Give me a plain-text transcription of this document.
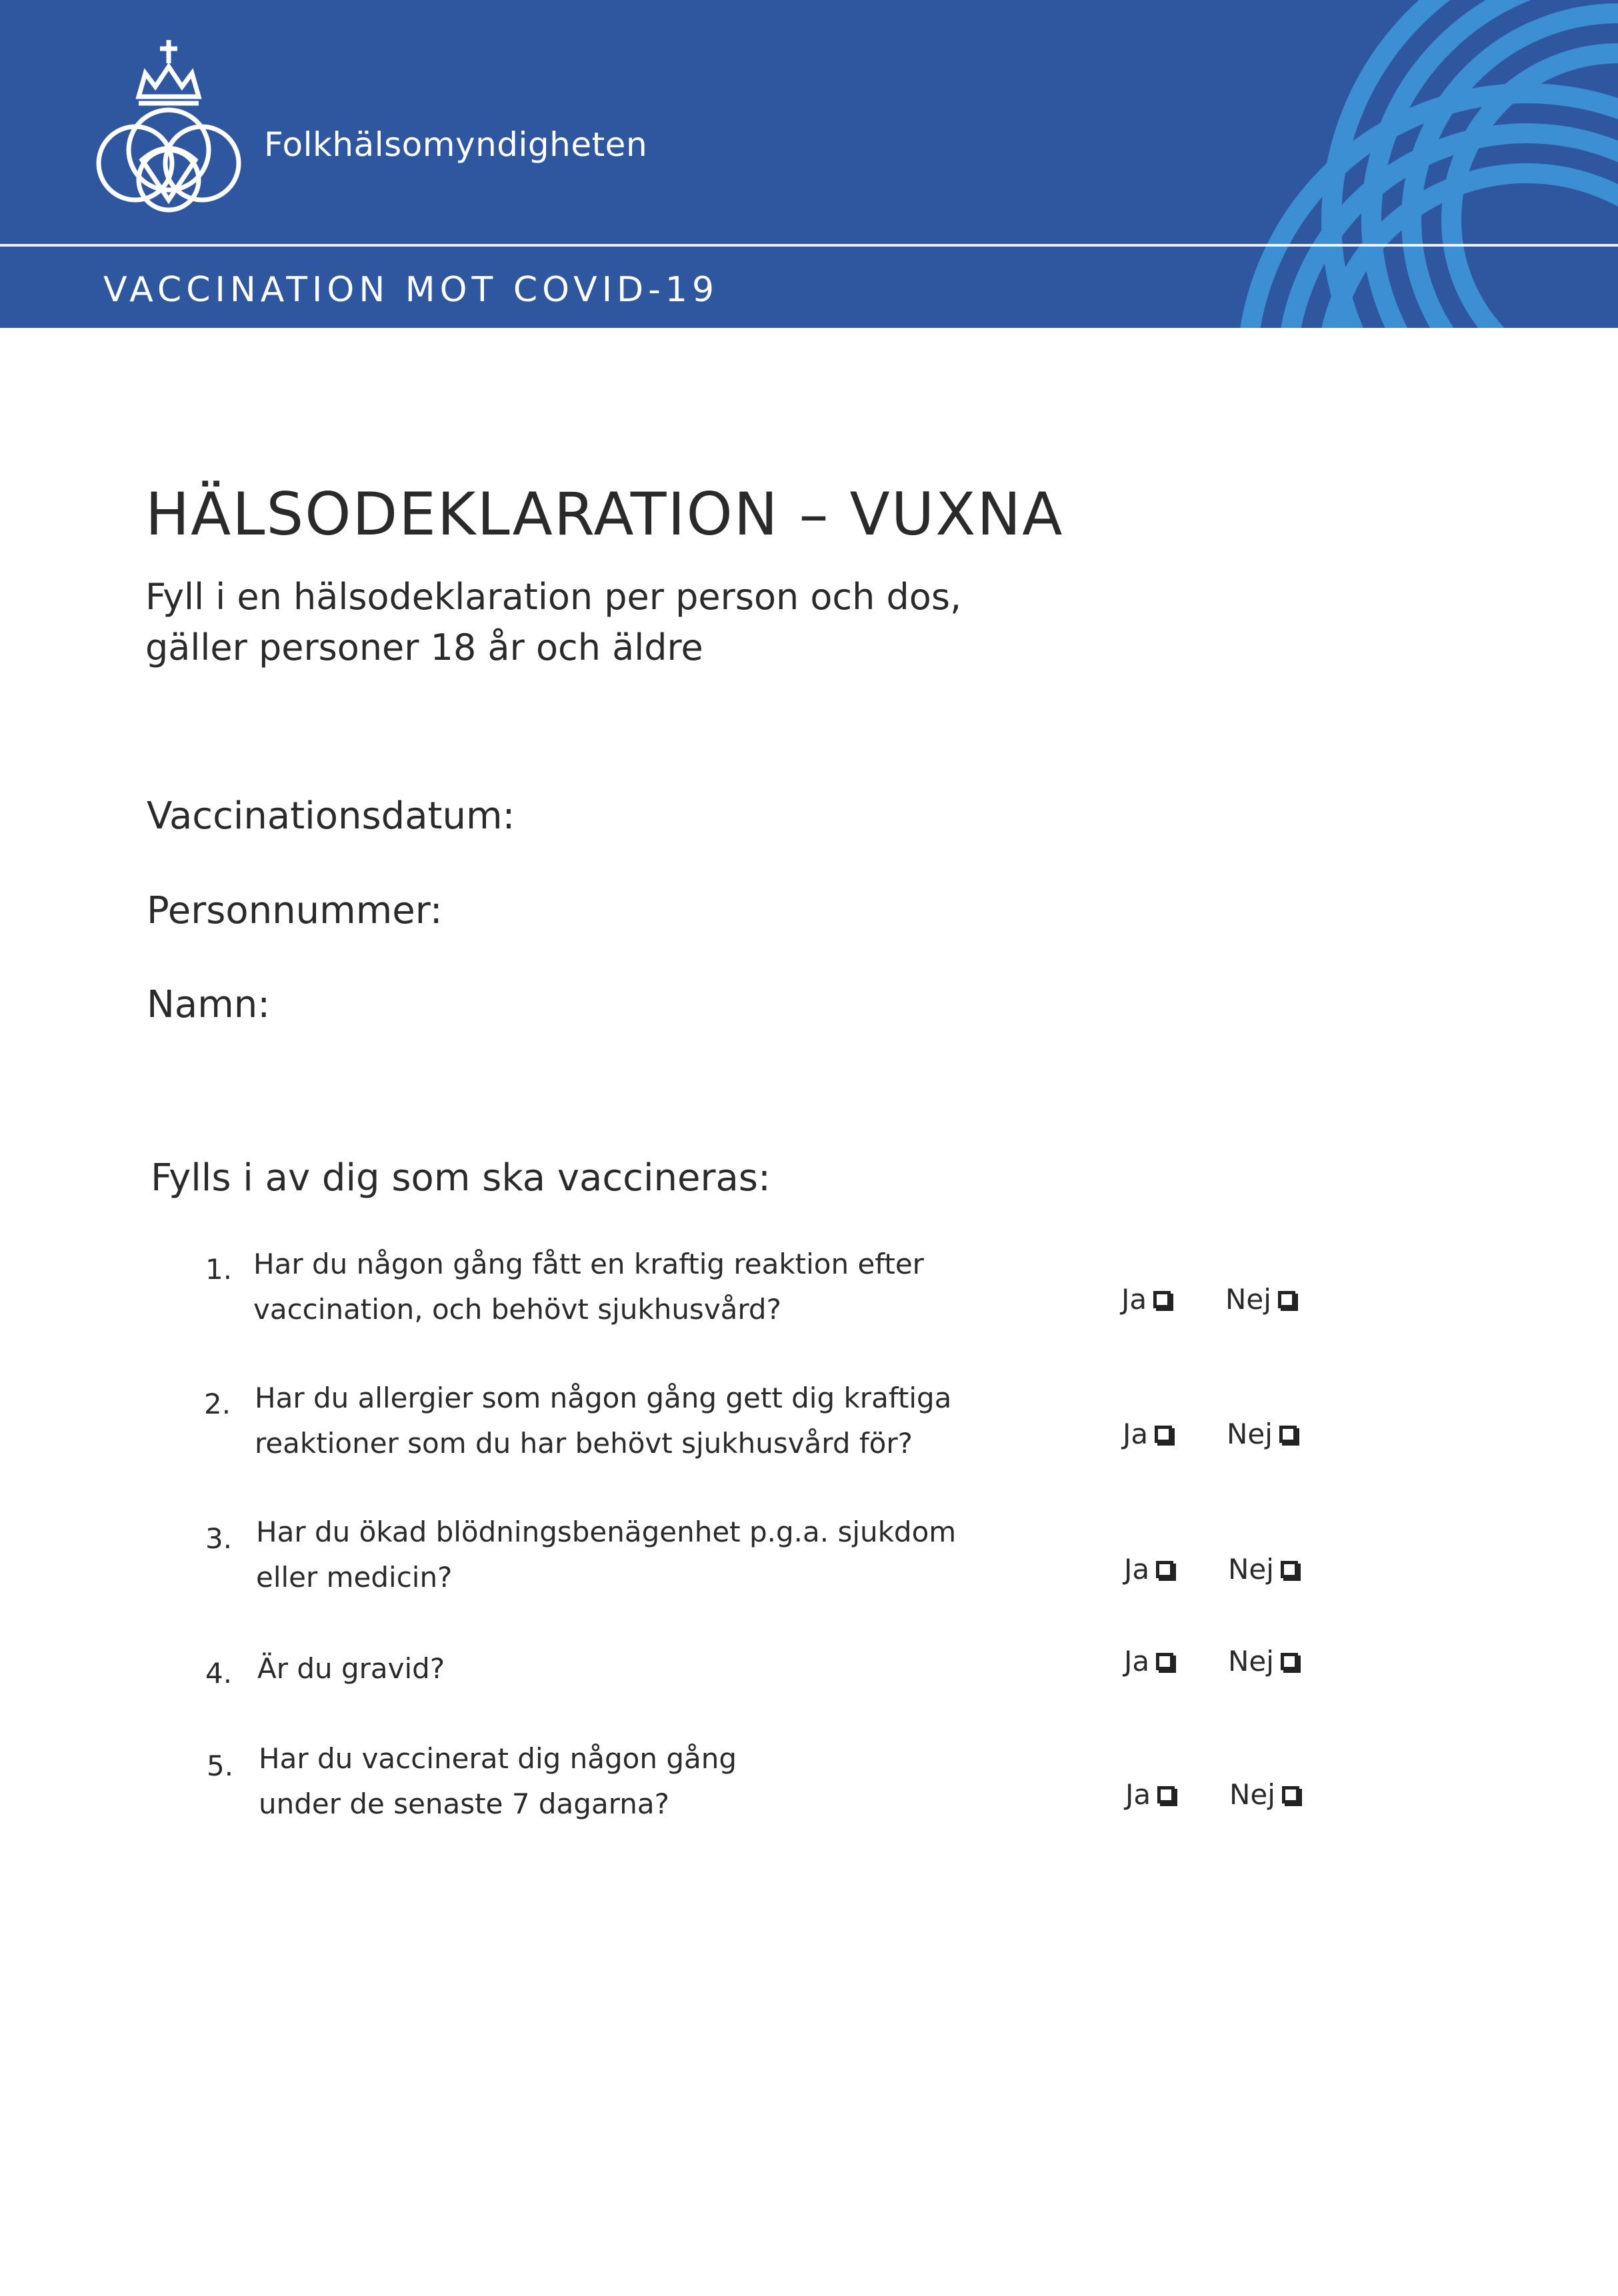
Folkhälsomyndigheten
VACCINATION MOT COVID-19
HÄLSODEKLARATION – VUXNA
Fyll i en hälsodeklaration per person och dos,
gäller personer 18 år och äldre
Vaccinationsdatum:
Personnummer:
Namn:
Fylls i av dig som ska vaccineras:
1. Har du någon gång fått en kraftig reaktion efter
vaccination, och behövt sjukhusvård?	Ja	Nej
2. Har du allergier som någon gång gett dig kraftiga
reaktioner som du har behövt sjukhusvård för?	Ja	Nej
3. Har du ökad blödningsbenägenhet p.g.a. sjukdom
eller medicin?	Ja	Nej
4. Är du gravid?	Ja	Nej
5. Har du vaccinerat dig någon gång
under de senaste 7 dagarna?	Ja	Nej
